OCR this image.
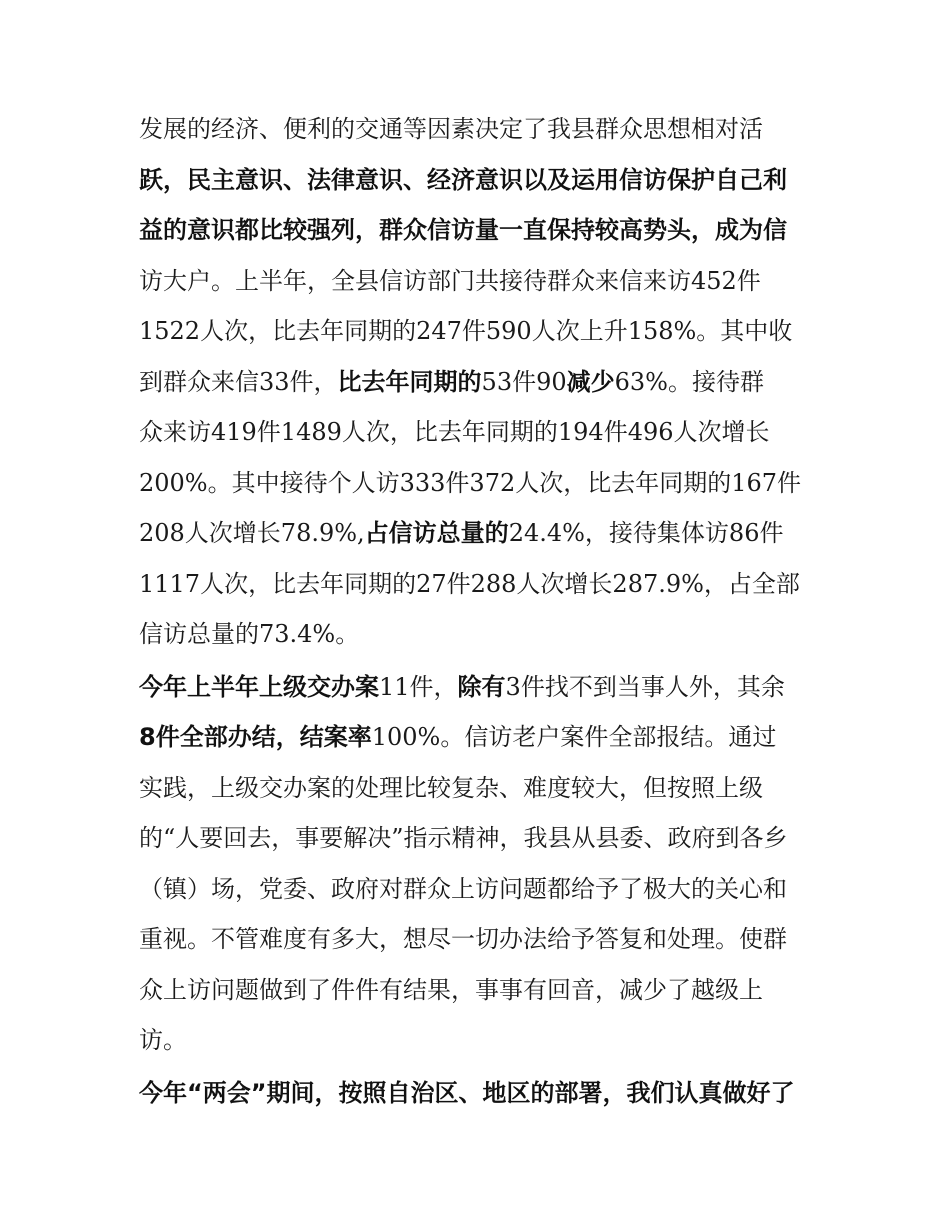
发展的经济、便利的交通等因素决定了我县群众思想相对活
跃，民主意识、法律意识、经济意识以及运用信访保护自己利
益的意识都比较强列，群众信访量一直保持较高势头，成为信
访大户。上半年，全县信访部门共接待群众来信来访452件
1522人次，比去年同期的247件590人次上升158%。其中收
到群众来信33件，比去年同期的53件90减少63%。接待群
众来访419件1489人次，比去年同期的194件496人次增长
200%。其中接待个人访333件372人次，比去年同期的167件
208人次增长78.9%,占信访总量的24.4%，接待集体访86件
1117人次，比去年同期的27件288人次增长287.9%，占全部
信访总量的73.4%。
今年上半年上级交办案11件，除有3件找不到当事人外，其余
8件全部办结，结案率100%。信访老户案件全部报结。通过
实践，上级交办案的处理比较复杂、难度较大，但按照上级
的“人要回去，事要解决”指示精神，我县从县委、政府到各乡
（镇）场，党委、政府对群众上访问题都给予了极大的关心和
重视。不管难度有多大，想尽一切办法给予答复和处理。使群
众上访问题做到了件件有结果，事事有回音，减少了越级上
访。
今年“两会”期间，按照自治区、地区的部署，我们认真做好了
